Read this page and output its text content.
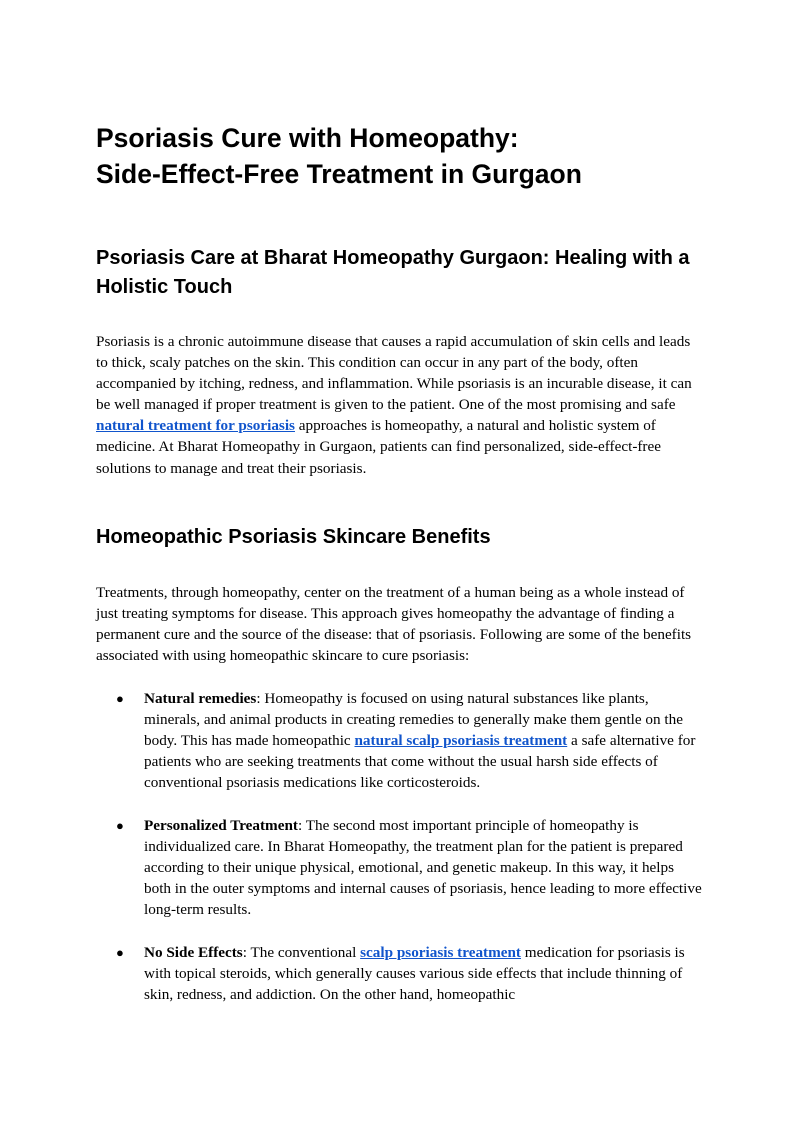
Psoriasis Cure with Homeopathy:
Side-Effect-Free Treatment in Gurgaon
Psoriasis Care at Bharat Homeopathy Gurgaon: Healing with a Holistic Touch

Psoriasis is a chronic autoimmune disease that causes a rapid accumulation of skin cells and leads to thick, scaly patches on the skin. This condition can occur in any part of the body, often accompanied by itching, redness, and inflammation. While psoriasis is an incurable disease, it can be well managed if proper treatment is given to the patient. One of the most promising and safe natural treatment for psoriasis approaches is homeopathy, a natural and holistic system of medicine. At Bharat Homeopathy in Gurgaon, patients can find personalized, side-effect-free solutions to manage and treat their psoriasis.

Homeopathic Psoriasis Skincare Benefits

Treatments, through homeopathy, center on the treatment of a human being as a whole instead of just treating symptoms for disease. This approach gives homeopathy the advantage of finding a permanent cure and the source of the disease: that of psoriasis. Following are some of the benefits associated with using homeopathic skincare to cure psoriasis:

● Natural remedies: Homeopathy is focused on using natural substances like plants, minerals, and animal products in creating remedies to generally make them gentle on the body. This has made homeopathic natural scalp psoriasis treatment a safe alternative for patients who are seeking treatments that come without the usual harsh side effects of conventional psoriasis medications like corticosteroids.
● Personalized Treatment: The second most important principle of homeopathy is individualized care. In Bharat Homeopathy, the treatment plan for the patient is prepared according to their unique physical, emotional, and genetic makeup. In this way, it helps both in the outer symptoms and internal causes of psoriasis, hence leading to more effective long-term results.
● No Side Effects: The conventional scalp psoriasis treatment medication for psoriasis is with topical steroids, which generally causes various side effects that include thinning of skin, redness, and addiction. On the other hand, homeopathic
